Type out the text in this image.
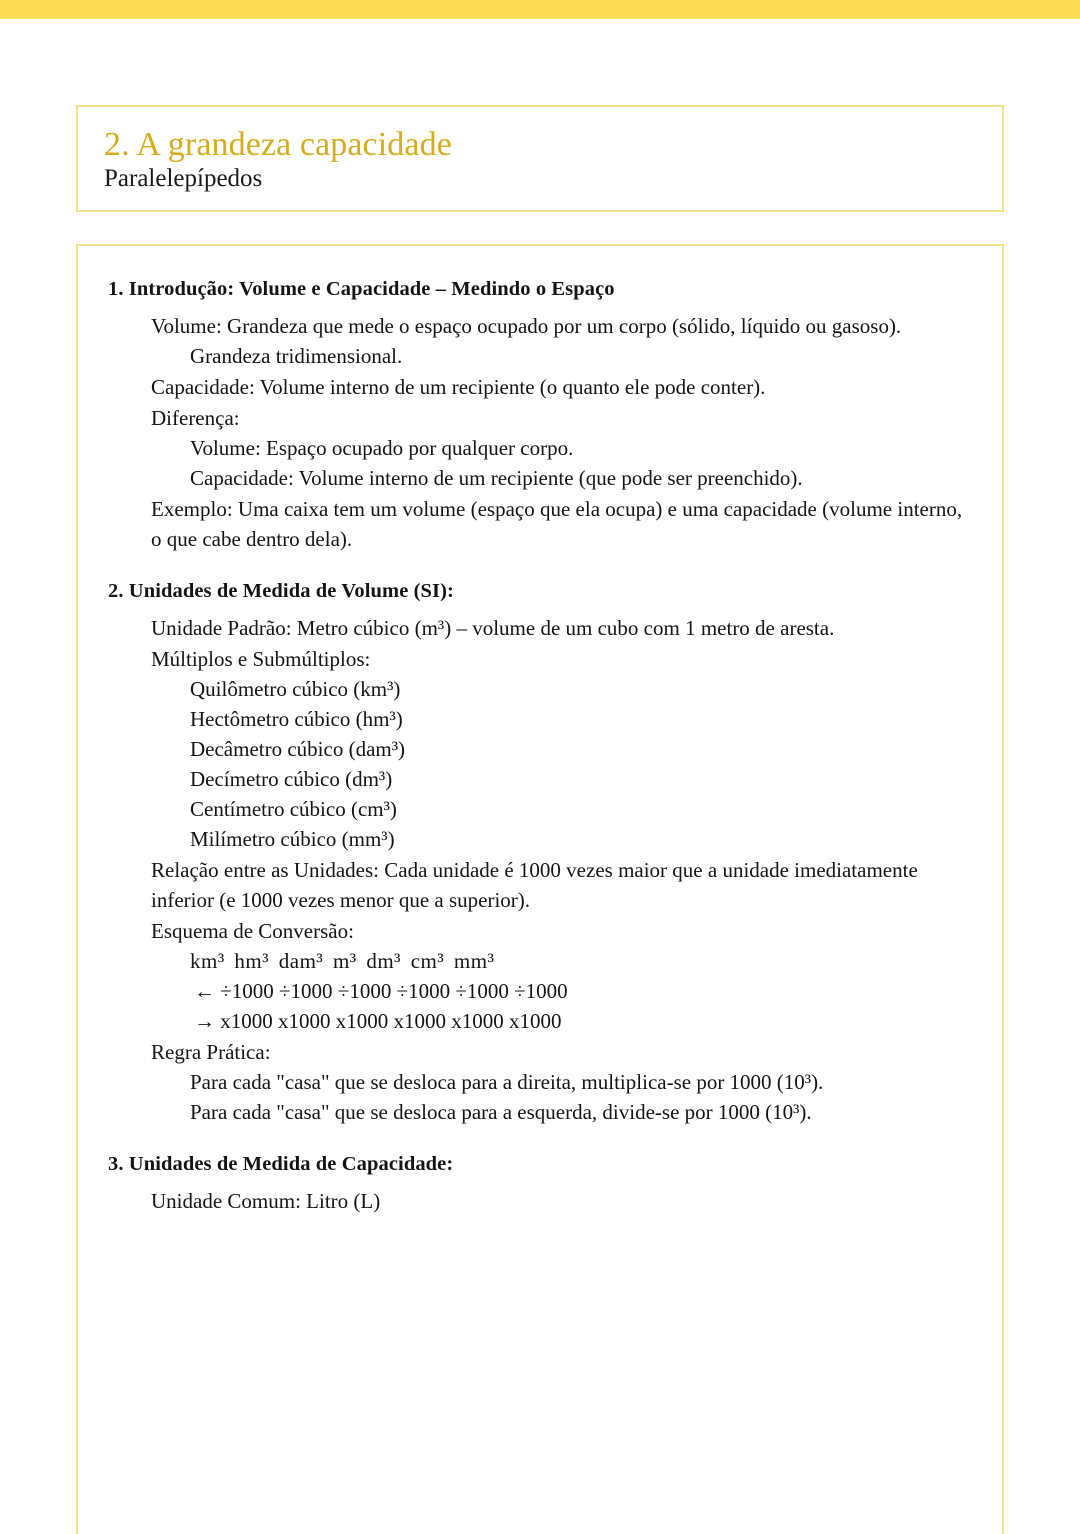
2. A grandeza capacidade
Paralelepípedos
1. Introdução: Volume e Capacidade – Medindo o Espaço
Volume: Grandeza que mede o espaço ocupado por um corpo (sólido, líquido ou gasoso).
Grandeza tridimensional.
Capacidade: Volume interno de um recipiente (o quanto ele pode conter).
Diferença:
Volume: Espaço ocupado por qualquer corpo.
Capacidade: Volume interno de um recipiente (que pode ser preenchido).
Exemplo: Uma caixa tem um volume (espaço que ela ocupa) e uma capacidade (volume interno, o que cabe dentro dela).
2. Unidades de Medida de Volume (SI):
Unidade Padrão: Metro cúbico (m³) – volume de um cubo com 1 metro de aresta.
Múltiplos e Submúltiplos:
Quilômetro cúbico (km³)
Hectômetro cúbico (hm³)
Decâmetro cúbico (dam³)
Decímetro cúbico (dm³)
Centímetro cúbico (cm³)
Milímetro cúbico (mm³)
Relação entre as Unidades: Cada unidade é 1000 vezes maior que a unidade imediatamente inferior (e 1000 vezes menor que a superior).
Esquema de Conversão:
km³ hm³ dam³ m³ dm³ cm³ mm³
← ÷1000 ÷1000 ÷1000 ÷1000 ÷1000 ÷1000
→ x1000 x1000 x1000 x1000 x1000 x1000
Regra Prática:
Para cada "casa" que se desloca para a direita, multiplica-se por 1000 (10³).
Para cada "casa" que se desloca para a esquerda, divide-se por 1000 (10³).
3. Unidades de Medida de Capacidade:
Unidade Comum: Litro (L)
